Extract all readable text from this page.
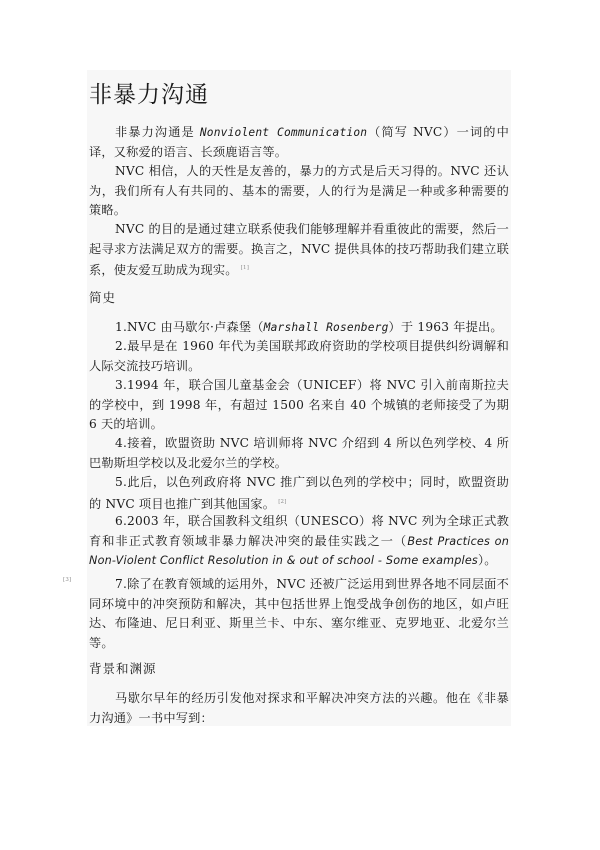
非暴力沟通

非暴力沟通是 Nonviolent Communication（简写 NVC）一词的中译，又称爱的语言、长颈鹿语言等。

NVC 相信，人的天性是友善的，暴力的方式是后天习得的。NVC 还认为，我们所有人有共同的、基本的需要，人的行为是满足一种或多种需要的策略。

NVC 的目的是通过建立联系使我们能够理解并看重彼此的需要，然后一起寻求方法满足双方的需要。换言之，NVC 提供具体的技巧帮助我们建立联系，使友爱互助成为现实。 [1]

简史

1.NVC 由马歇尔·卢森堡（Marshall Rosenberg）于 1963 年提出。

2.最早是在 1960 年代为美国联邦政府资助的学校项目提供纠纷调解和人际交流技巧培训。

3.1994 年，联合国儿童基金会（UNICEF）将 NVC 引入前南斯拉夫的学校中，到 1998 年，有超过 1500 名来自 40 个城镇的老师接受了为期 6 天的培训。

4.接着，欧盟资助 NVC 培训师将 NVC 介绍到 4 所以色列学校、4 所巴勒斯坦学校以及北爱尔兰的学校。

5.此后，以色列政府将 NVC 推广到以色列的学校中；同时，欧盟资助的 NVC 项目也推广到其他国家。 [2]

6.2003 年，联合国教科文组织（UNESCO）将 NVC 列为全球正式教育和非正式教育领域非暴力解决冲突的最佳实践之一（Best Practices on Non-Violent Conflict Resolution in & out of school - Some examples）。
[3]	7.除了在教育领域的运用外，NVC 还被广泛运用到世界各地不同层面不同环境中的冲突预防和解决，其中包括世界上饱受战争创伤的地区，如卢旺达、布隆迪、尼日利亚、斯里兰卡、中东、塞尔维亚、克罗地亚、北爱尔兰等。

背景和渊源

马歇尔早年的经历引发他对探求和平解决冲突方法的兴趣。他在《非暴力沟通》一书中写到：
